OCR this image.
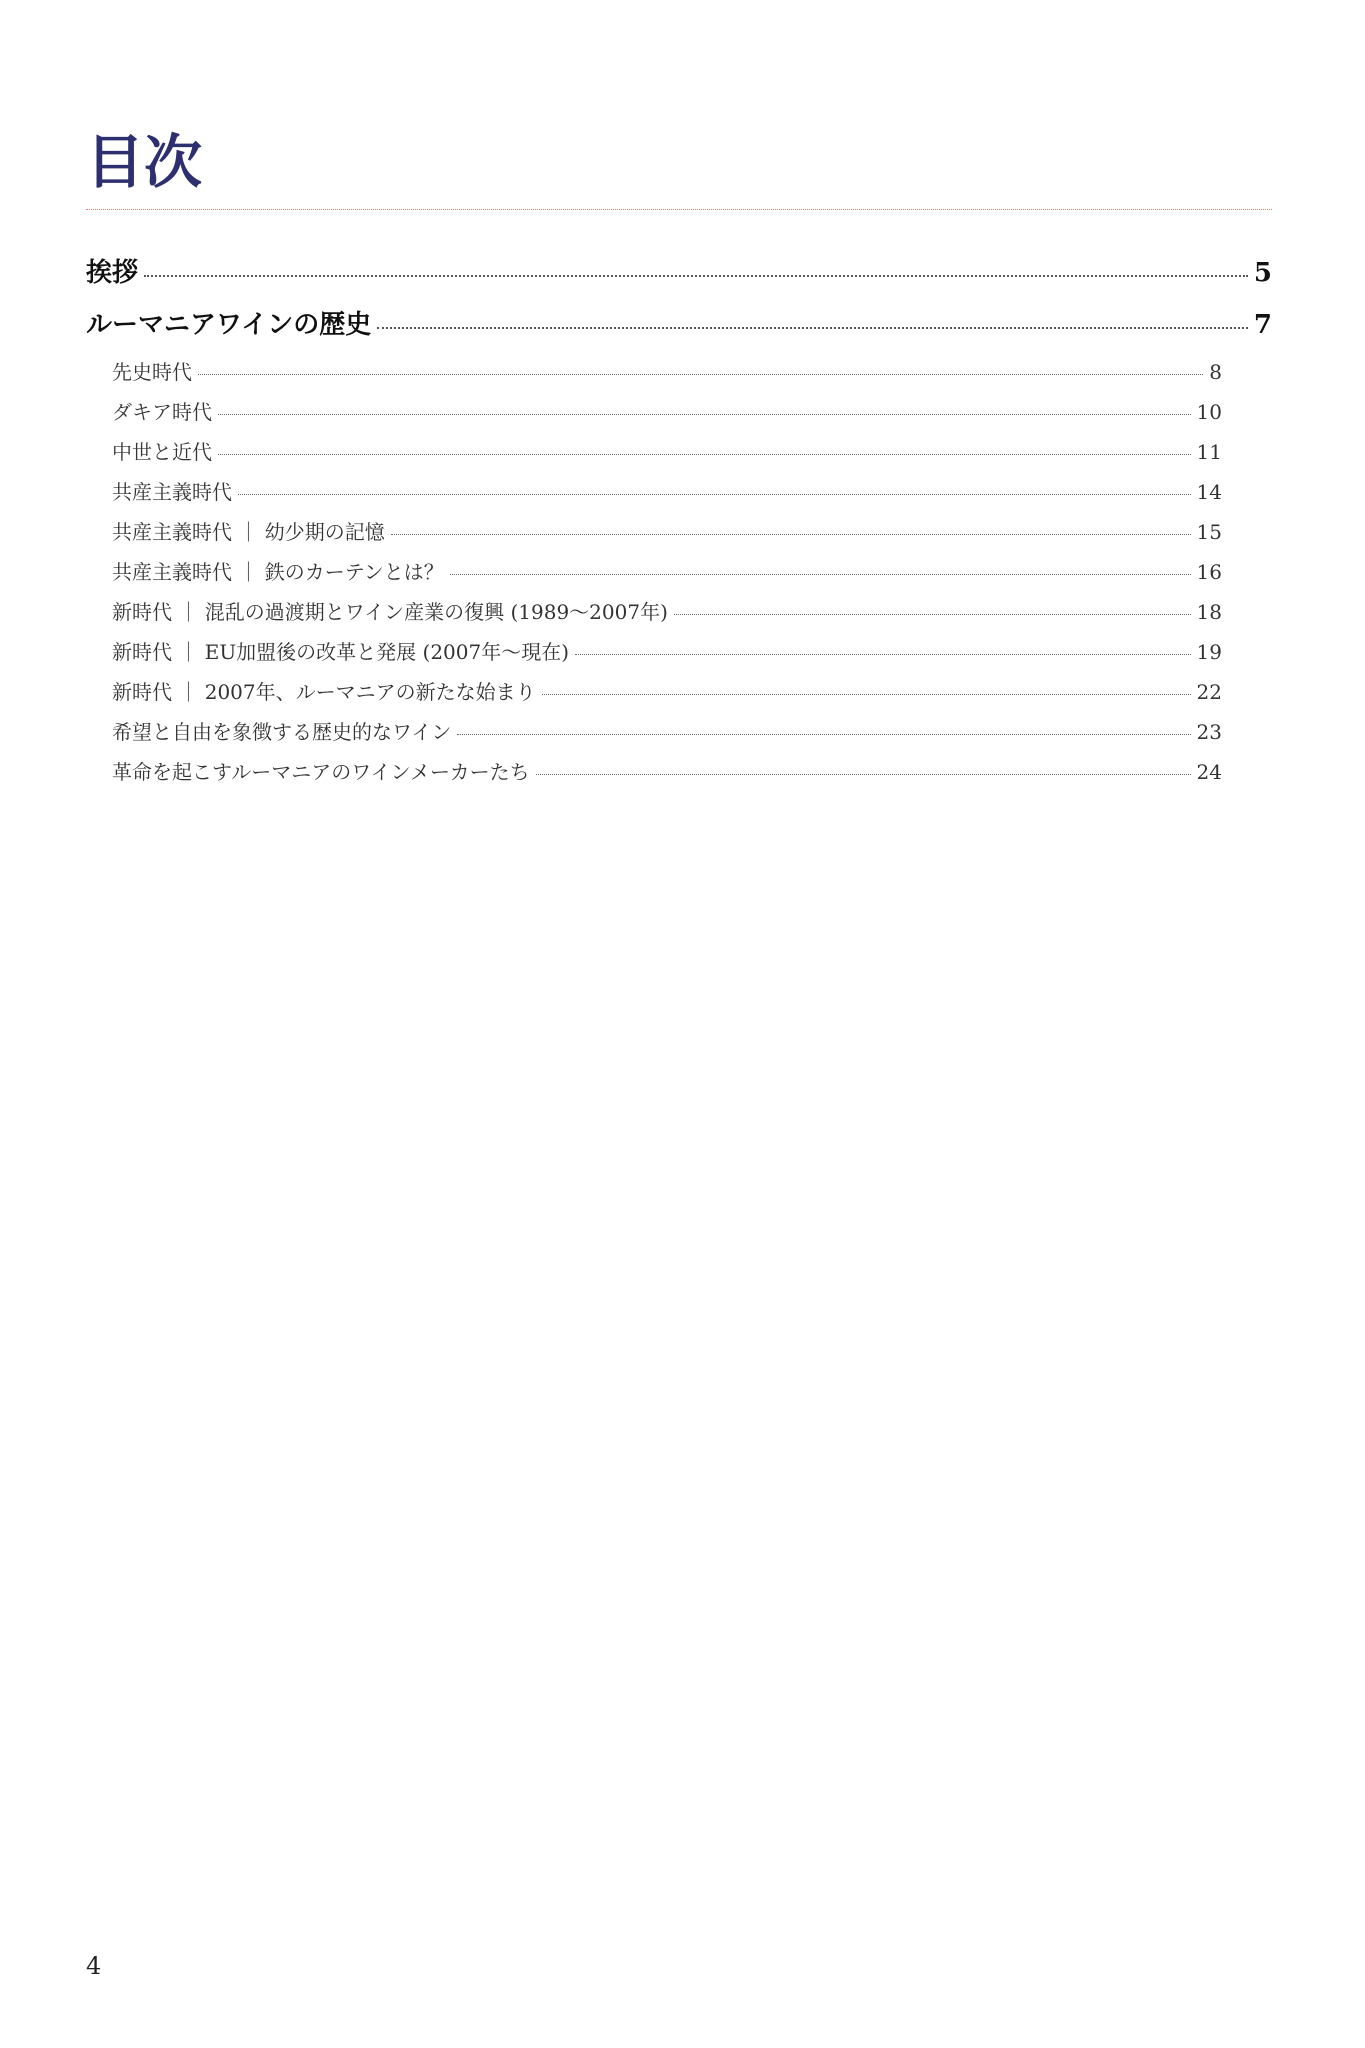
目次
挨拶	5
ルーマニアワインの歴史	7
先史時代	8
ダキア時代	10
中世と近代	11
共産主義時代	14
共産主義時代 ｜ 幼少期の記憶	15
共産主義時代 ｜ 鉄のカーテンとは？	16
新時代 ｜ 混乱の過渡期とワイン産業の復興 (1989〜2007年)	18
新時代 ｜ EU加盟後の改革と発展 (2007年〜現在)	19
新時代 ｜ 2007年、ルーマニアの新たな始まり	22
希望と自由を象徴する歴史的なワイン	23
革命を起こすルーマニアのワインメーカーたち	24
4
